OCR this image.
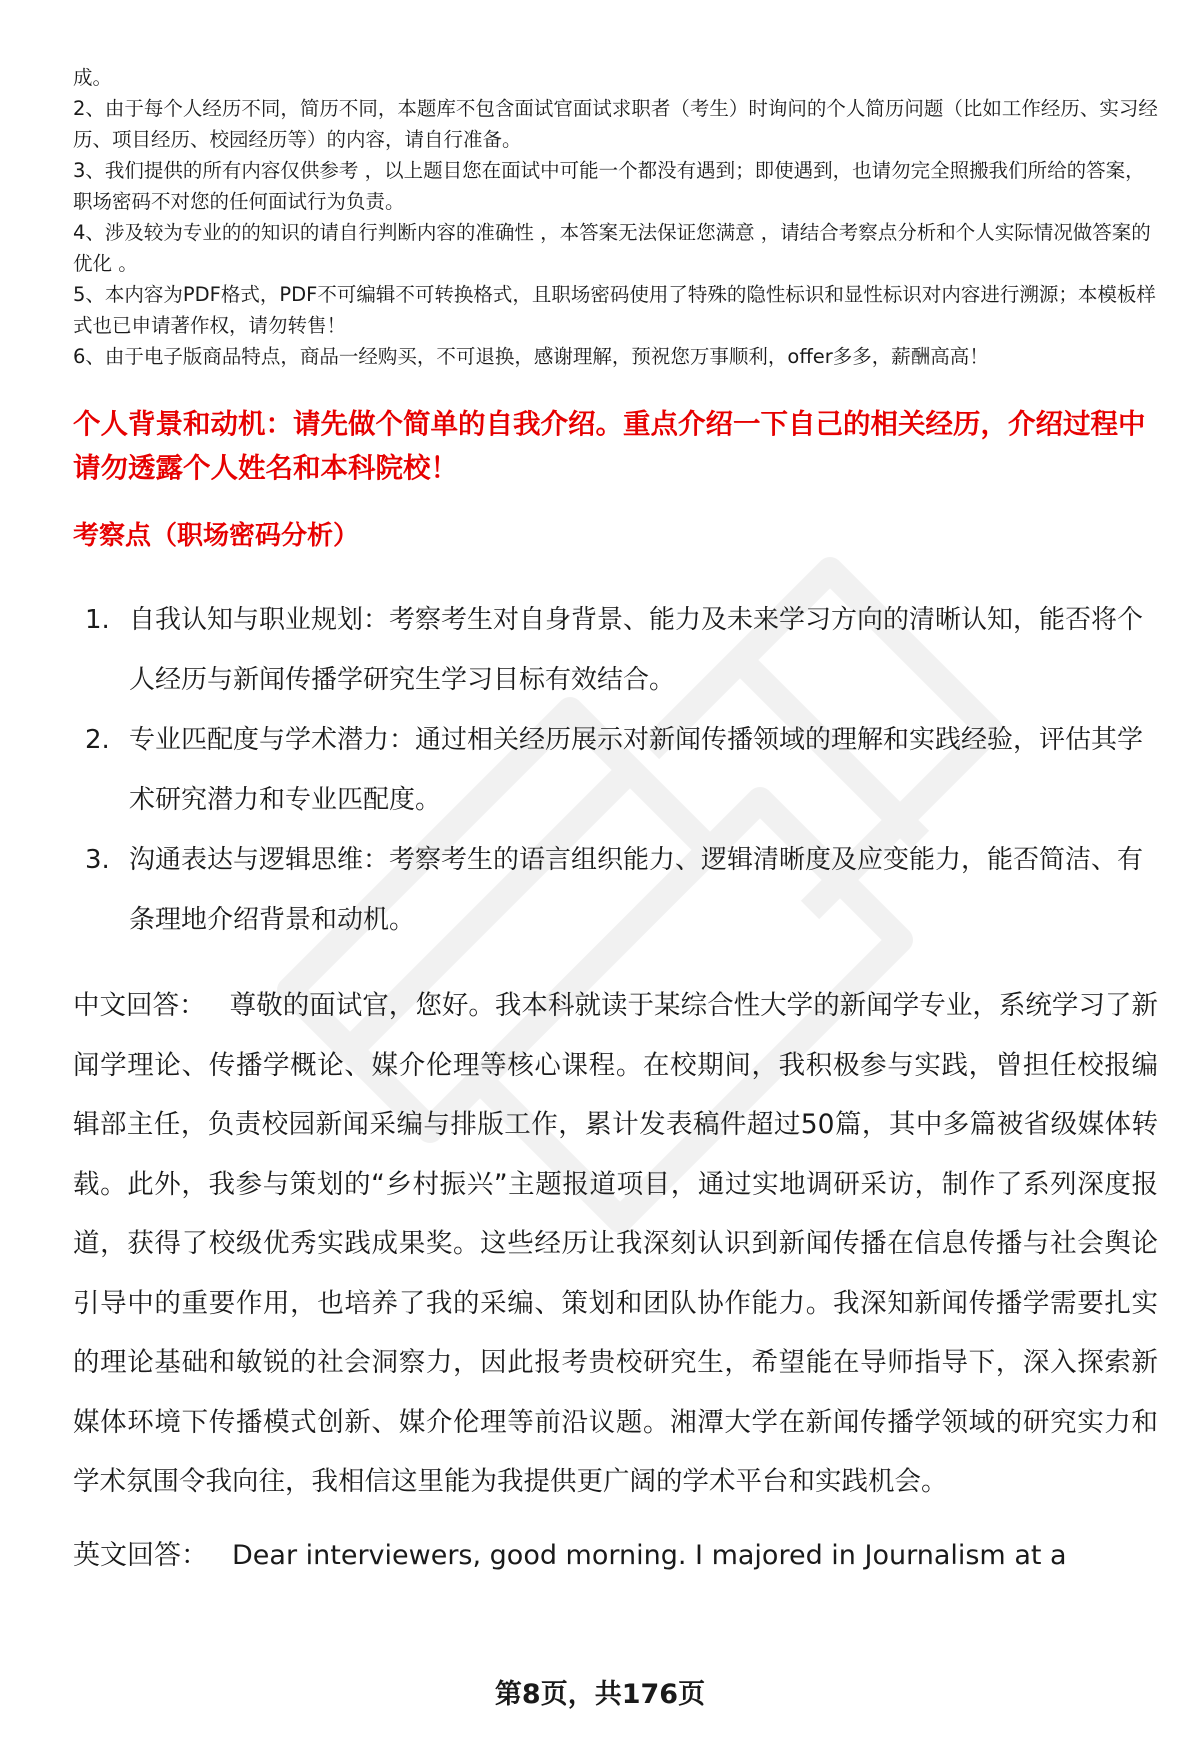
成。

2、由于每个人经历不同，简历不同，本题库不包含面试官面试求职者（考生）时询问的个人简历问题（比如工作经历、实习经历、项目经历、校园经历等）的内容，请自行准备。

3、我们提供的所有内容仅供参考 ，以上题目您在面试中可能一个都没有遇到；即使遇到，也请勿完全照搬我们所给的答案，职场密码不对您的任何面试行为负责。

4、涉及较为专业的的知识的请自行判断内容的准确性 ，本答案无法保证您满意 ，请结合考察点分析和个人实际情况做答案的优化 。

5、本内容为PDF格式，PDF不可编辑不可转换格式，且职场密码使用了特殊的隐性标识和显性标识对内容进行溯源；本模板样式也已申请著作权，请勿转售！

6、由于电子版商品特点，商品一经购买，不可退换，感谢理解，预祝您万事顺利，offer多多，薪酬高高！

个人背景和动机：请先做个简单的自我介绍。重点介绍一下自己的相关经历，介绍过程中请勿透露个人姓名和本科院校！
考察点（职场密码分析）
1. 自我认知与职业规划：考察考生对自身背景、能力及未来学习方向的清晰认知，能否将个人经历与新闻传播学研究生学习目标有效结合。
2. 专业匹配度与学术潜力：通过相关经历展示对新闻传播领域的理解和实践经验，评估其学术研究潜力和专业匹配度。
3. 沟通表达与逻辑思维：考察考生的语言组织能力、逻辑清晰度及应变能力，能否简洁、有条理地介绍背景和动机。
中文回答： 尊敬的面试官，您好。我本科就读于某综合性大学的新闻学专业，系统学习了新闻学理论、传播学概论、媒介伦理等核心课程。在校期间，我积极参与实践，曾担任校报编辑部主任，负责校园新闻采编与排版工作，累计发表稿件超过50篇，其中多篇被省级媒体转载。此外，我参与策划的“乡村振兴”主题报道项目，通过实地调研采访，制作了系列深度报道，获得了校级优秀实践成果奖。这些经历让我深刻认识到新闻传播在信息传播与社会舆论引导中的重要作用，也培养了我的采编、策划和团队协作能力。我深知新闻传播学需要扎实的理论基础和敏锐的社会洞察力，因此报考贵校研究生，希望能在导师指导下，深入探索新媒体环境下传播模式创新、媒介伦理等前沿议题。湘潭大学在新闻传播学领域的研究实力和学术氛围令我向往，我相信这里能为我提供更广阔的学术平台和实践机会。
英文回答： Dear interviewers, good morning. I majored in Journalism at a
第8页，共176页
